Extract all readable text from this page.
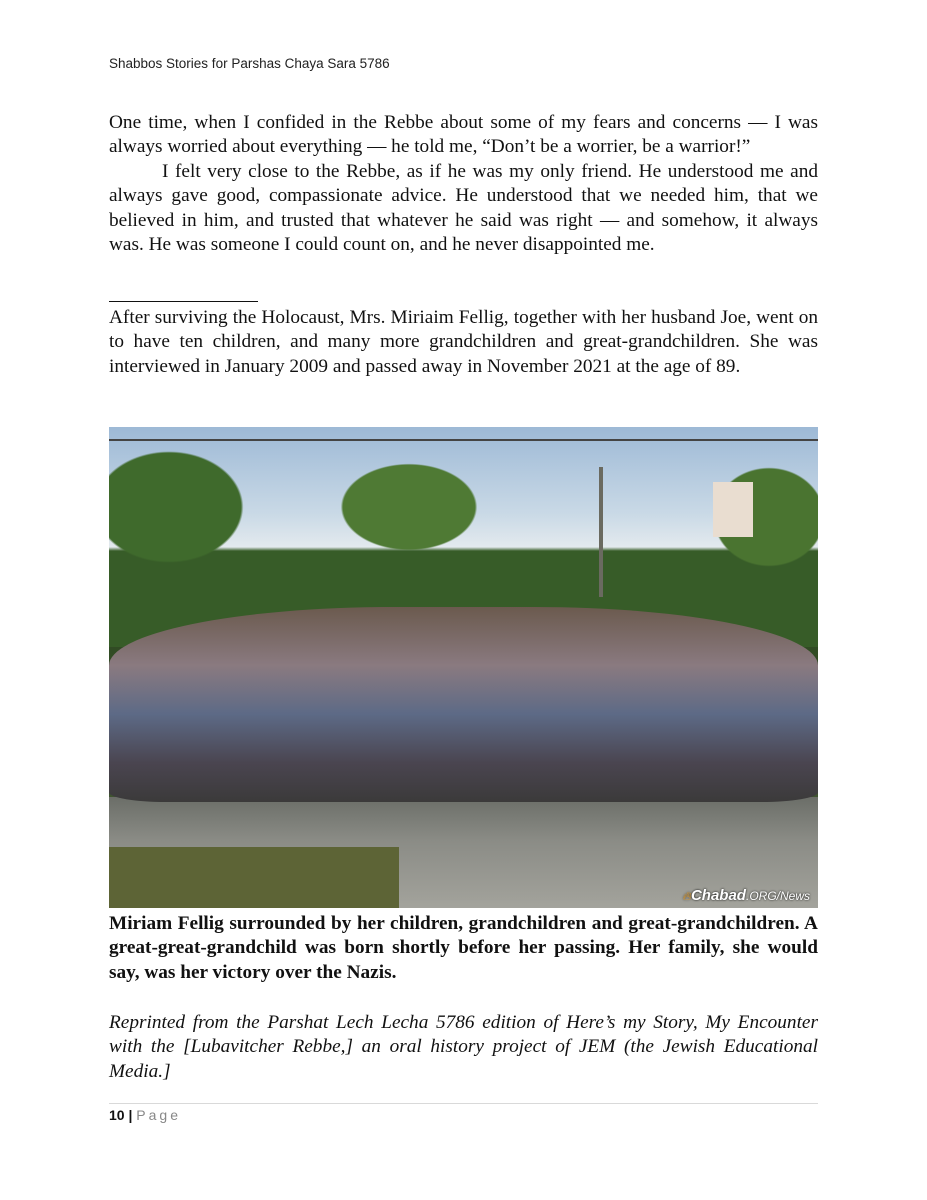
Shabbos Stories for Parshas Chaya Sara 5786

One time, when I confided in the Rebbe about some of my fears and concerns — I was always worried about everything — he told me, “Don’t be a worrier, be a warrior!”

I felt very close to the Rebbe, as if he was my only friend. He understood me and always gave good, compassionate advice. He understood that we needed him, that we believed in him, and trusted that whatever he said was right — and somehow, it always was. He was someone I could count on, and he never disappointed me.

After surviving the Holocaust, Mrs. Miriaim Fellig, together with her husband Joe, went on to have ten children, and many more grandchildren and great-grandchildren. She was interviewed in January 2009 and passed away in November 2021 at the age of 89.
🔥︎Chabad.ORG/News
Miriam Fellig surrounded by her children, grandchildren and great-grandchildren. A great-great-grandchild was born shortly before her passing. Her family, she would say, was her victory over the Nazis.
Reprinted from the Parshat Lech Lecha 5786 edition of Here’s my Story, My Encounter with the [Lubavitcher Rebbe,] an oral history project of JEM (the Jewish Educational Media.]
10 | Page
